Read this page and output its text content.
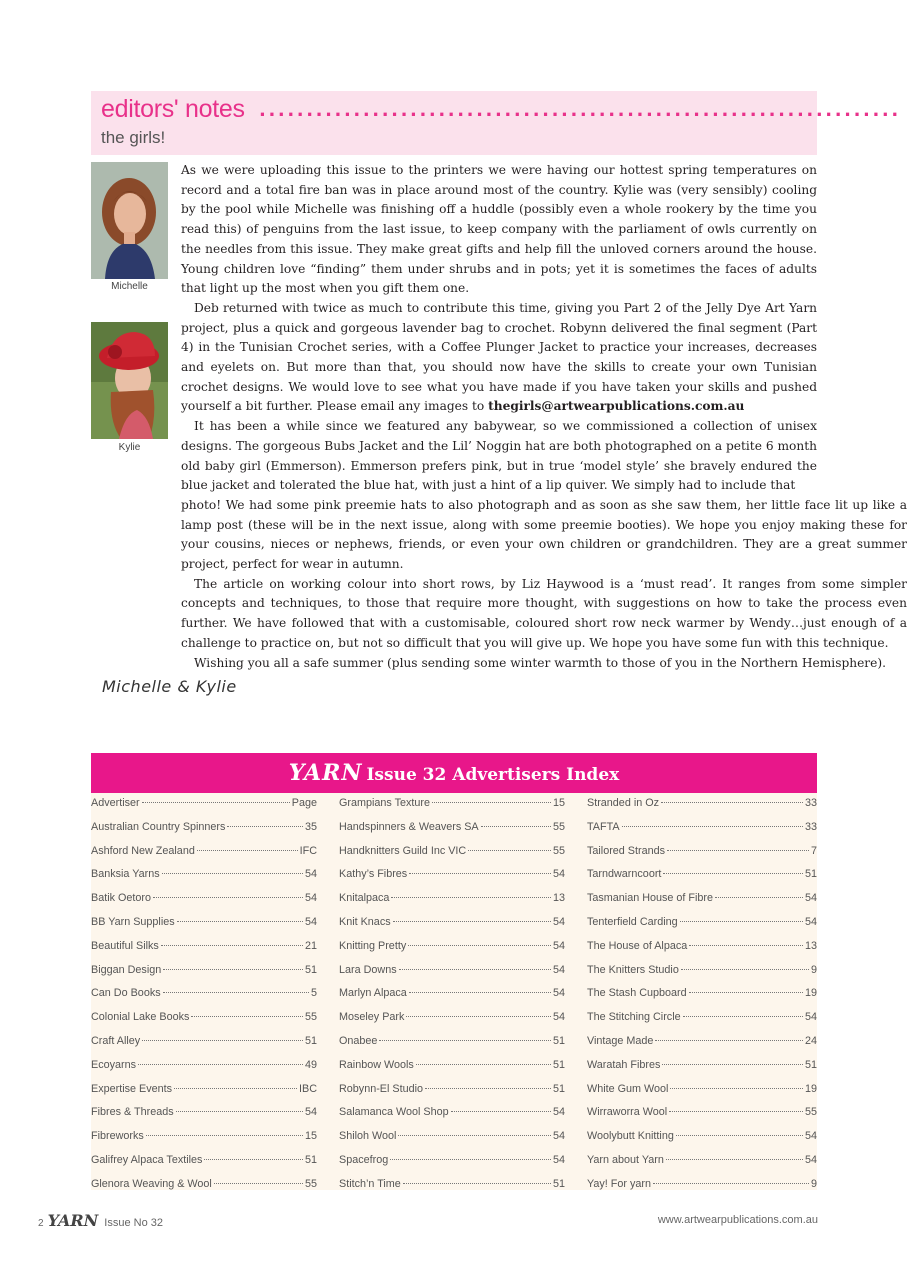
editors' notes ....................................................................
the girls!
Michelle
Kylie

As we were uploading this issue to the printers we were having our hottest spring temperatures on record and a total fire ban was in place around most of the country. Kylie was (very sensibly) cooling by the pool while Michelle was finishing off a huddle (possibly even a whole rookery by the time you read this) of penguins from the last issue, to keep company with the parliament of owls currently on the needles from this issue. They make great gifts and help fill the unloved corners around the house. Young children love “finding” them under shrubs and in pots; yet it is sometimes the faces of adults that light up the most when you gift them one.

Deb returned with twice as much to contribute this time, giving you Part 2 of the Jelly Dye Art Yarn project, plus a quick and gorgeous lavender bag to crochet. Robynn delivered the final segment (Part 4) in the Tunisian Crochet series, with a Coffee Plunger Jacket to practice your increases, decreases and eyelets on. But more than that, you should now have the skills to create your own Tunisian crochet designs. We would love to see what you have made if you have taken your skills and pushed yourself a bit further. Please email any images to thegirls@artwearpublications.com.au

It has been a while since we featured any babywear, so we commissioned a collection of unisex designs. The gorgeous Bubs Jacket and the Lil’ Noggin hat are both photographed on a petite 6 month old baby girl (Emmerson). Emmerson prefers pink, but in true ‘model style’ she bravely endured the blue jacket and tolerated the blue hat, with just a hint of a lip quiver. We simply had to include that

photo! We had some pink preemie hats to also photograph and as soon as she saw them, her little face lit up like a lamp post (these will be in the next issue, along with some preemie booties). We hope you enjoy making these for your cousins, nieces or nephews, friends, or even your own children or grandchildren. They are a great summer project, perfect for wear in autumn.

The article on working colour into short rows, by Liz Haywood is a ‘must read’. It ranges from some simpler concepts and techniques, to those that require more thought, with suggestions on how to take the process even further. We have followed that with a customisable, coloured short row neck warmer by Wendy…just enough of a challenge to practice on, but not so difficult that you will give up. We hope you have some fun with this technique.

Wishing you all a safe summer (plus sending some winter warmth to those of you in the Northern Hemisphere).

Michelle & Kylie
YARN Issue 32 Advertisers Index
Advertiser	Page
Australian Country Spinners	35
Ashford New Zealand	IFC
Banksia Yarns	54
Batik Oetoro	54
BB Yarn Supplies	54
Beautiful Silks	21
Biggan Design	51
Can Do Books	5
Colonial Lake Books	55
Craft Alley	51
Ecoyarns	49
Expertise Events	IBC
Fibres & Threads	54
Fibreworks	15
Galifrey Alpaca Textiles	51
Glenora Weaving & Wool	55
Grampians Texture	15
Handspinners & Weavers SA	55
Handknitters Guild Inc VIC	55
Kathy’s Fibres	54
Knitalpaca	13
Knit Knacs	54
Knitting Pretty	54
Lara Downs	54
Marlyn Alpaca	54
Moseley Park	54
Onabee	51
Rainbow Wools	51
Robynn-El Studio	51
Salamanca Wool Shop	54
Shiloh Wool	54
Spacefrog	54
Stitch’n Time	51
Stranded in Oz	33
TAFTA	33
Tailored Strands	7
Tarndwarncoort	51
Tasmanian House of Fibre	54
Tenterfield Carding	54
The House of Alpaca	13
The Knitters Studio	9
The Stash Cupboard	19
The Stitching Circle	54
Vintage Made	24
Waratah Fibres	51
White Gum Wool	19
Wirraworra Wool	55
Woolybutt Knitting	54
Yarn about Yarn	54
Yay! For yarn	9
2 YARN Issue No 32	www.artwearpublications.com.au
